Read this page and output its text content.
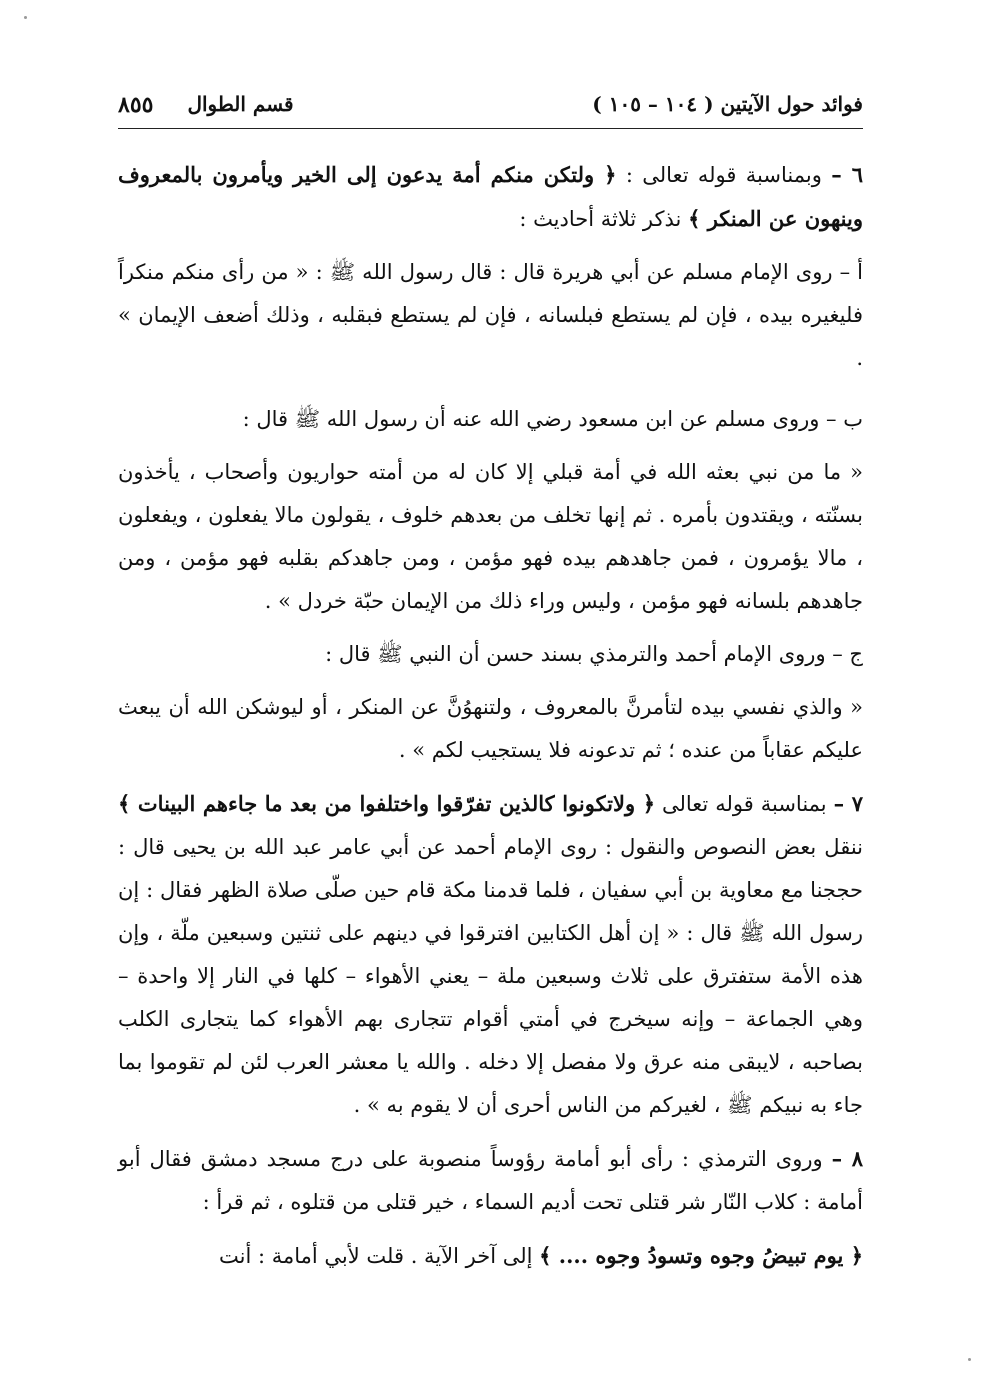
فوائد حول الآيتين ( ١٠٤ – ١٠٥ )
قسم الطوال
٨٥٥

٦ – وبمناسبة قوله تعالى : ﴿ ولتكن منكم أمة يدعون إلى الخير ويأمرون بالمعروف وينهون عن المنكر ﴾ نذكر ثلاثة أحاديث :

أ – روى الإمام مسلم عن أبي هريرة قال : قال رسول الله ﷺ : « من رأى منكم منكراً فليغيره بيده ، فإن لم يستطع فبلسانه ، فإن لم يستطع فبقلبه ، وذلك أضعف الإيمان » .

ب – وروى مسلم عن ابن مسعود رضي الله عنه أن رسول الله ﷺ قال :

« ما من نبي بعثه الله في أمة قبلي إلا كان له من أمته حواريون وأصحاب ، يأخذون بسنّته ، ويقتدون بأمره . ثم إنها تخلف من بعدهم خلوف ، يقولون مالا يفعلون ، ويفعلون ، مالا يؤمرون ، فمن جاهدهم بيده فهو مؤمن ، ومن جاهدكم بقلبه فهو مؤمن ، ومن جاهدهم بلسانه فهو مؤمن ، وليس وراء ذلك من الإيمان حبّة خردل » .

ج – وروى الإمام أحمد والترمذي بسند حسن أن النبي ﷺ قال :

« والذي نفسي بيده لتأمرنَّ بالمعروف ، ولتنهوُنَّ عن المنكر ، أو ليوشكن الله أن يبعث عليكم عقاباً من عنده ؛ ثم تدعونه فلا يستجيب لكم » .

٧ – بمناسبة قوله تعالى ﴿ ولاتكونوا كالذين تفرّقوا واختلفوا من بعد ما جاءهم البينات ﴾ ننقل بعض النصوص والنقول : روى الإمام أحمد عن أبي عامر عبد الله بن يحيى قال : حججنا مع معاوية بن أبي سفيان ، فلما قدمنا مكة قام حين صلّى صلاة الظهر فقال : إن رسول الله ﷺ قال : « إن أهل الكتابين افترقوا في دينهم على ثنتين وسبعين ملّة ، وإن هذه الأمة ستفترق على ثلاث وسبعين ملة – يعني الأهواء – كلها في النار إلا واحدة – وهي الجماعة – وإنه سيخرج في أمتي أقوام تتجارى بهم الأهواء كما يتجارى الكلب بصاحبه ، لايبقى منه عرق ولا مفصل إلا دخله . والله يا معشر العرب لئن لم تقوموا بما جاء به نبيكم ﷺ ، لغيركم من الناس أحرى أن لا يقوم به » .

٨ – وروى الترمذي : رأى أبو أمامة رؤوساً منصوبة على درج مسجد دمشق فقال أبو أمامة : كلاب النّار شر قتلى تحت أديم السماء ، خير قتلى من قتلوه ، ثم قرأ :

﴿ يوم تبيضُ وجوه وتسودُ وجوه .... ﴾ إلى آخر الآية . قلت لأبي أمامة : أنت
